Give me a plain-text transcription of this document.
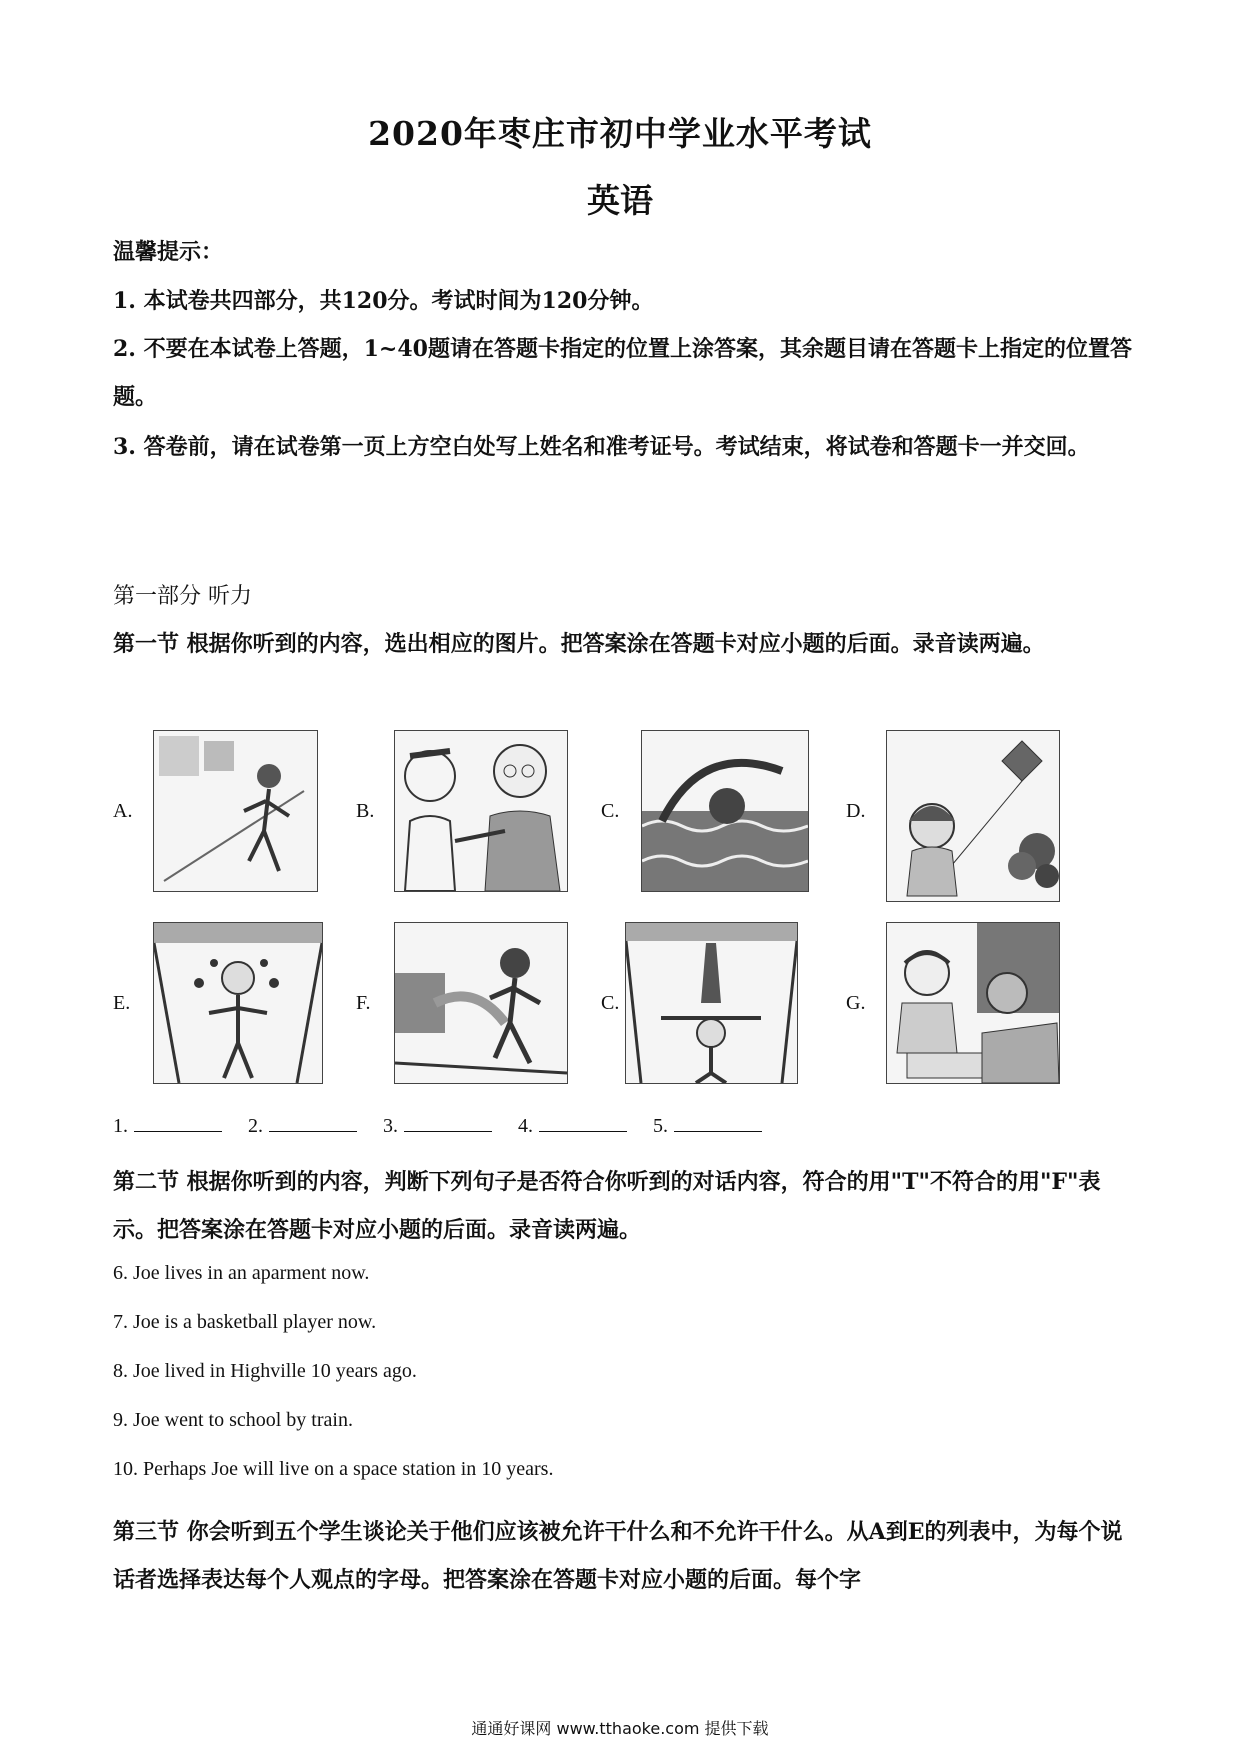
2020年枣庄市初中学业水平考试
英语
温馨提示：
1. 本试卷共四部分，共120分。考试时间为120分钟。
2. 不要在本试卷上答题，1~40题请在答题卡指定的位置上涂答案，其余题目请在答题卡上指定的位置答题。
3. 答卷前，请在试卷第一页上方空白处写上姓名和准考证号。考试结束，将试卷和答题卡一并交回。
第一部分 听力
第一节 根据你听到的内容，选出相应的图片。把答案涂在答题卡对应小题的后面。录音读两遍。
A.	B.	C.	D.
E.	F.	C.	G.
1.	2.	3.	4.	5.
第二节 根据你听到的内容，判断下列句子是否符合你听到的对话内容，符合的用"T"不符合的用"F"表示。把答案涂在答题卡对应小题的后面。录音读两遍。
6. Joe lives in an aparment now.
7. Joe is a basketball player now.
8. Joe lived in Highville 10 years ago.
9. Joe went to school by train.
10. Perhaps Joe will live on a space station in 10 years.
第三节 你会听到五个学生谈论关于他们应该被允许干什么和不允许干什么。从A到E的列表中，为每个说话者选择表达每个人观点的字母。把答案涂在答题卡对应小题的后面。每个字
通通好课网 www.tthaoke.com 提供下载
